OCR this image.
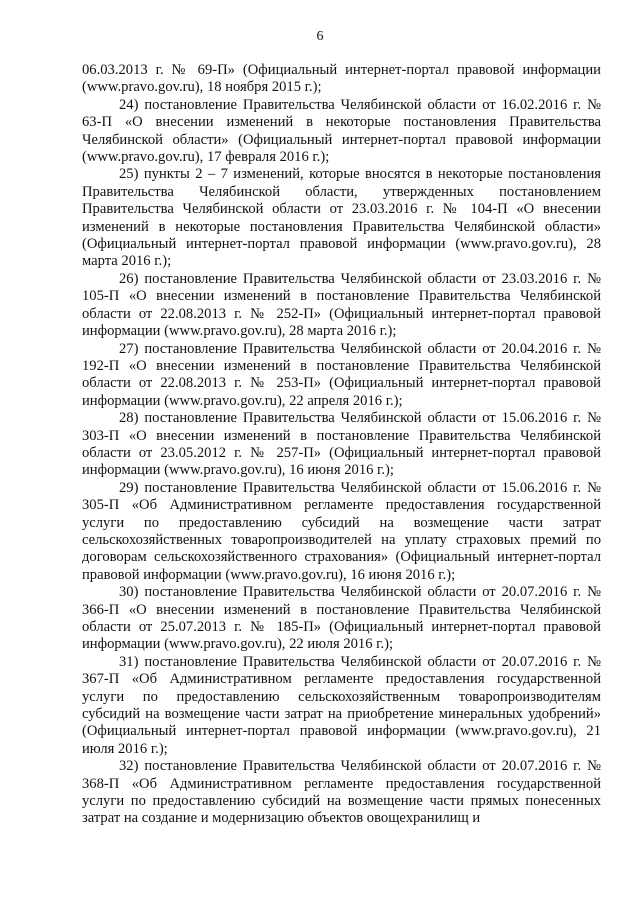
6

06.03.2013 г. № 69-П» (Официальный интернет-портал правовой информации (www.pravo.gov.ru), 18 ноября 2015 г.);

24) постановление Правительства Челябинской области от 16.02.2016 г. № 63-П «О внесении изменений в некоторые постановления Правительства Челябинской области» (Официальный интернет-портал правовой информации (www.pravo.gov.ru), 17 февраля 2016 г.);

25) пункты 2 – 7 изменений, которые вносятся в некоторые постановления Правительства Челябинской области, утвержденных постановлением Правительства Челябинской области от 23.03.2016 г. № 104-П «О внесении изменений в некоторые постановления Правительства Челябинской области» (Официальный интернет-портал правовой информации (www.pravo.gov.ru), 28 марта 2016 г.);

26) постановление Правительства Челябинской области от 23.03.2016 г. № 105-П «О внесении изменений в постановление Правительства Челябинской области от 22.08.2013 г. № 252-П» (Официальный интернет-портал правовой информации (www.pravo.gov.ru), 28 марта 2016 г.);

27) постановление Правительства Челябинской области от 20.04.2016 г. № 192-П «О внесении изменений в постановление Правительства Челябинской области от 22.08.2013 г. № 253-П» (Официальный интернет-портал правовой информации (www.pravo.gov.ru), 22 апреля 2016 г.);

28) постановление Правительства Челябинской области от 15.06.2016 г. № 303-П «О внесении изменений в постановление Правительства Челябинской области от 23.05.2012 г. № 257-П» (Официальный интернет-портал правовой информации (www.pravo.gov.ru), 16 июня 2016 г.);

29) постановление Правительства Челябинской области от 15.06.2016 г. № 305-П «Об Административном регламенте предоставления государственной услуги по предоставлению субсидий на возмещение части затрат сельскохозяйственных товаропроизводителей на уплату страховых премий по договорам сельскохозяйственного страхования» (Официальный интернет-портал правовой информации (www.pravo.gov.ru), 16 июня 2016 г.);

30) постановление Правительства Челябинской области от 20.07.2016 г. № 366-П «О внесении изменений в постановление Правительства Челябинской области от 25.07.2013 г. № 185-П» (Официальный интернет-портал правовой информации (www.pravo.gov.ru), 22 июля 2016 г.);

31) постановление Правительства Челябинской области от 20.07.2016 г. № 367-П «Об Административном регламенте предоставления государственной услуги по предоставлению сельскохозяйственным товаропроизводителям субсидий на возмещение части затрат на приобретение минеральных удобрений» (Официальный интернет-портал правовой информации (www.pravo.gov.ru), 21 июля 2016 г.);

32) постановление Правительства Челябинской области от 20.07.2016 г. № 368-П «Об Административном регламенте предоставления государственной услуги по предоставлению субсидий на возмещение части прямых понесенных затрат на создание и модернизацию объектов овощехранилищ и
